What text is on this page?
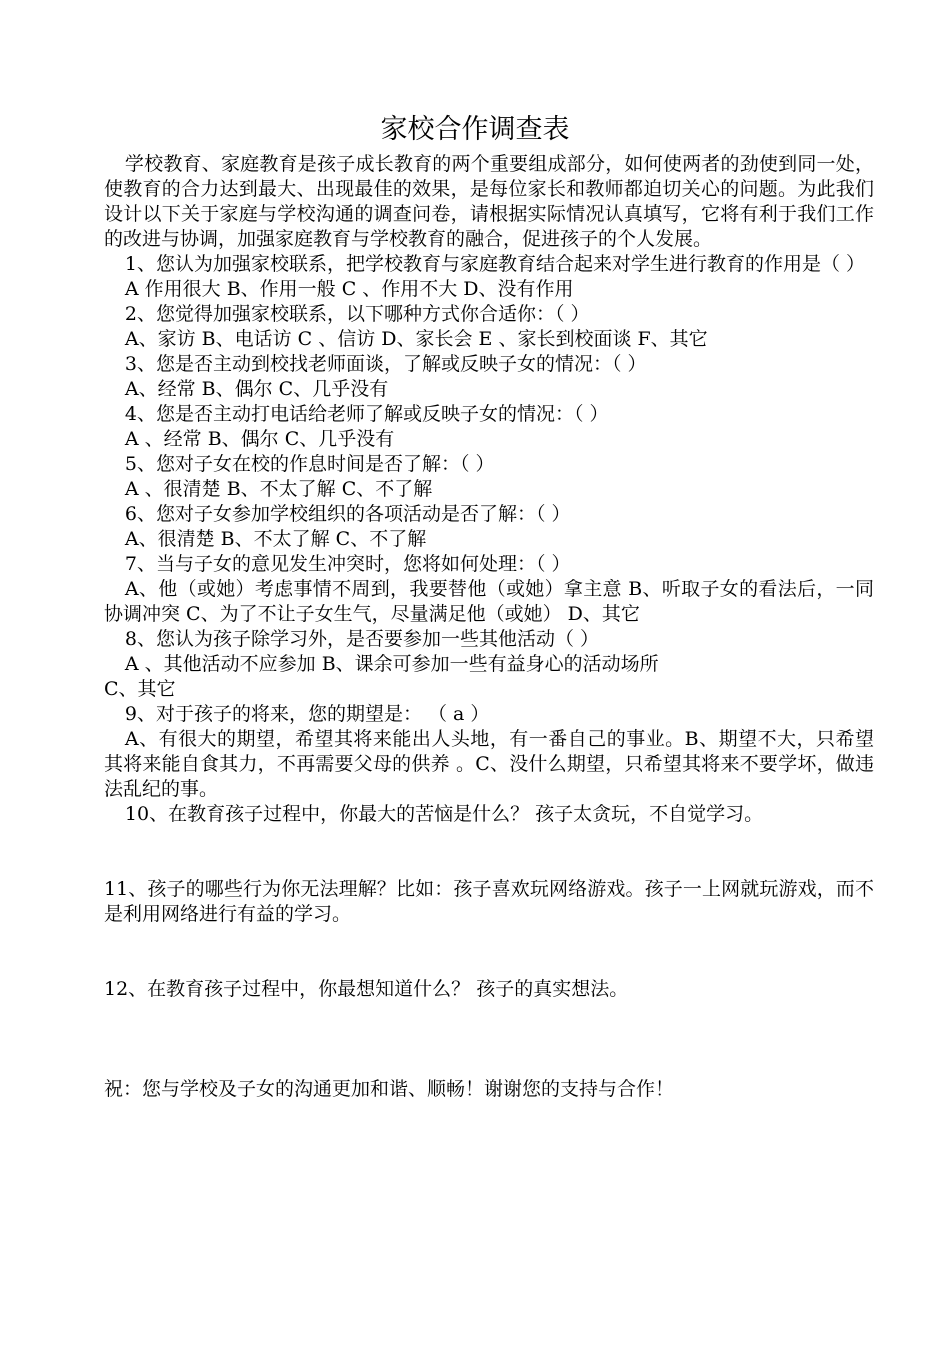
家校合作调查表

学校教育、家庭教育是孩子成长教育的两个重要组成部分，如何使两者的劲使到同一处，使教育的合力达到最大、出现最佳的效果，是每位家长和教师都迫切关心的问题。为此我们设计以下关于家庭与学校沟通的调查问卷，请根据实际情况认真填写，它将有利于我们工作的改进与协调，加强家庭教育与学校教育的融合，促进孩子的个人发展。

1、您认为加强家校联系，把学校教育与家庭教育结合起来对学生进行教育的作用是（ ）

A 作用很大 B、作用一般 C 、作用不大 D、没有作用

2、您觉得加强家校联系，以下哪种方式你合适你：（ ）

A、家访 B、电话访 C 、信访 D、家长会 E 、家长到校面谈 F、其它

3、您是否主动到校找老师面谈，了解或反映子女的情况：（ ）

A、经常 B、偶尔 C、几乎没有

4、您是否主动打电话给老师了解或反映子女的情况：（ ）

A 、经常 B、偶尔 C、几乎没有

5、您对子女在校的作息时间是否了解：（ ）

A 、很清楚 B、不太了解 C、不了解

6、您对子女参加学校组织的各项活动是否了解：（ ）

A、很清楚 B、不太了解 C、不了解

7、当与子女的意见发生冲突时，您将如何处理：（ ）

A、他（或她）考虑事情不周到，我要替他（或她）拿主意 B、听取子女的看法后，一同协调冲突 C、为了不让子女生气，尽量满足他（或她） D、其它

8、您认为孩子除学习外，是否要参加一些其他活动（ ）

A 、其他活动不应参加 B、课余可参加一些有益身心的活动场所

C、其它

9、对于孩子的将来，您的期望是： （ a ）

A、有很大的期望，希望其将来能出人头地，有一番自己的事业。B、期望不大，只希望其将来能自食其力，不再需要父母的供养 。C、没什么期望，只希望其将来不要学坏，做违法乱纪的事。

10、在教育孩子过程中，你最大的苦恼是什么？ 孩子太贪玩，不自觉学习。

11、孩子的哪些行为你无法理解？比如：孩子喜欢玩网络游戏。孩子一上网就玩游戏，而不是利用网络进行有益的学习。

12、在教育孩子过程中，你最想知道什么？ 孩子的真实想法。

祝：您与学校及子女的沟通更加和谐、顺畅！谢谢您的支持与合作！
